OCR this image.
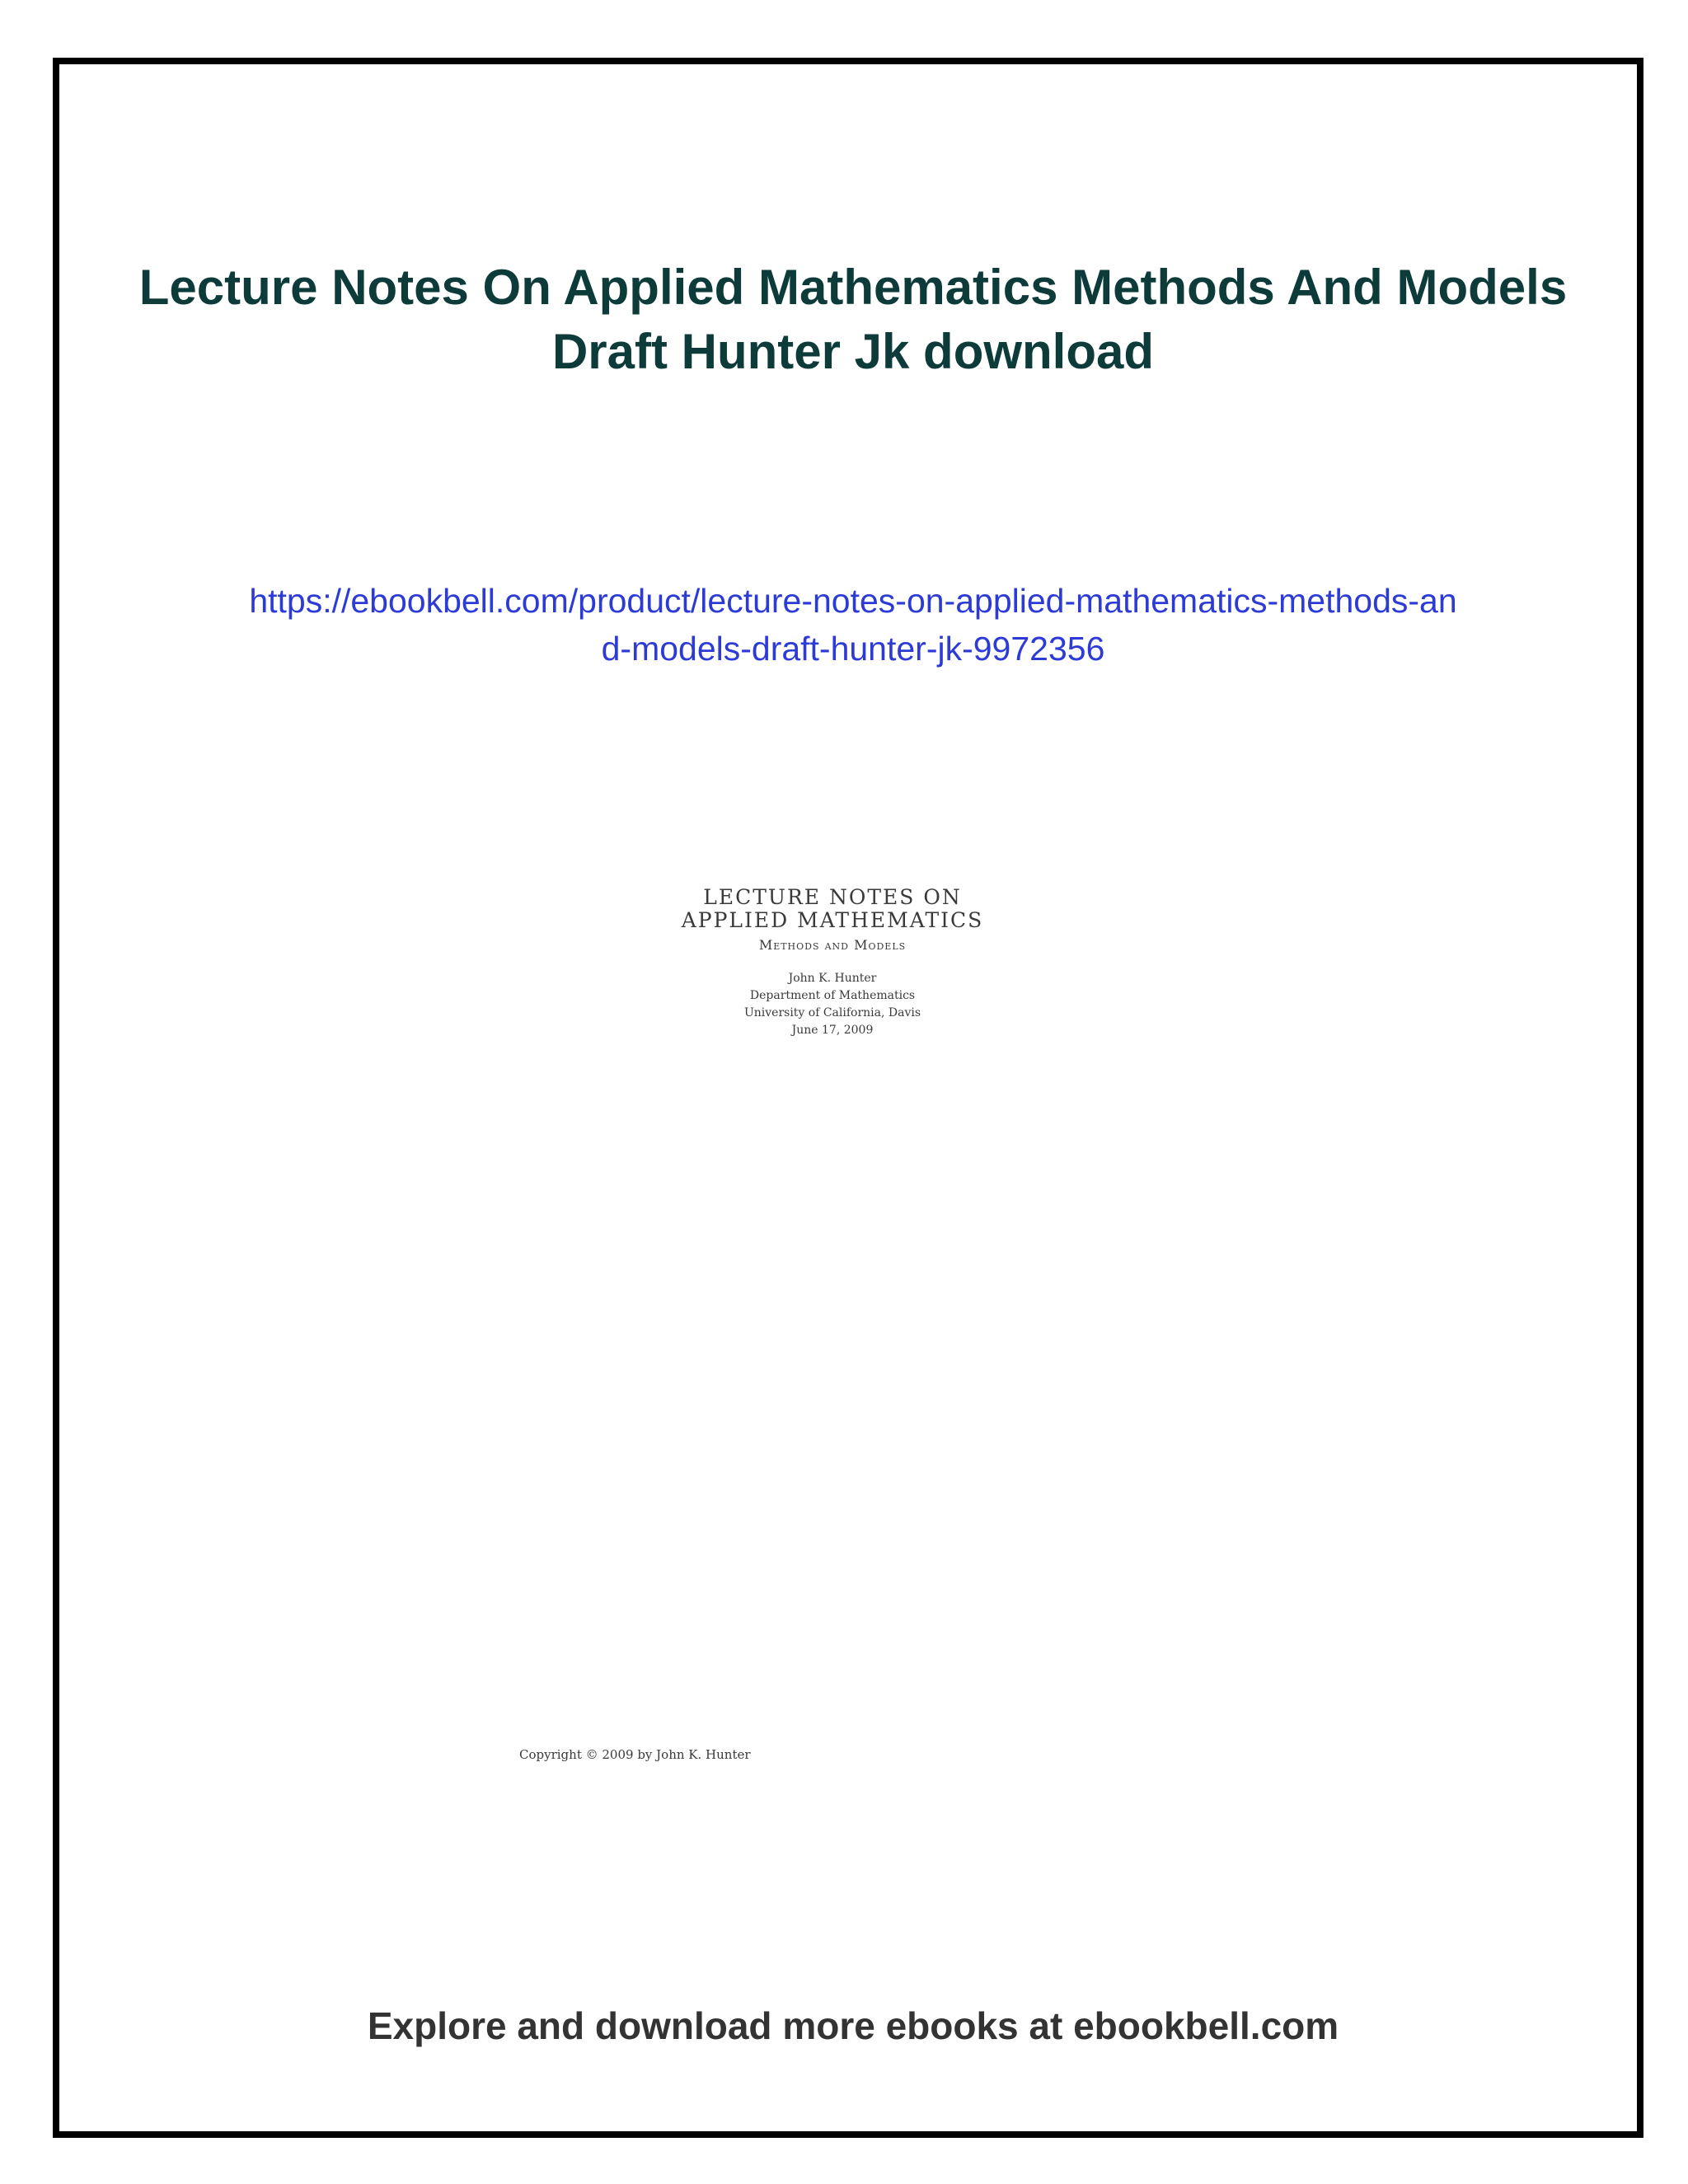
Lecture Notes On Applied Mathematics Methods And Models Draft Hunter Jk download
https://ebookbell.com/product/lecture-notes-on-applied-mathematics-methods-and-models-draft-hunter-jk-9972356
LECTURE NOTES ON
APPLIED MATHEMATICS
Methods and Models
John K. Hunter
Department of Mathematics
University of California, Davis
June 17, 2009
Copyright © 2009 by John K. Hunter
Explore and download more ebooks at ebookbell.com
